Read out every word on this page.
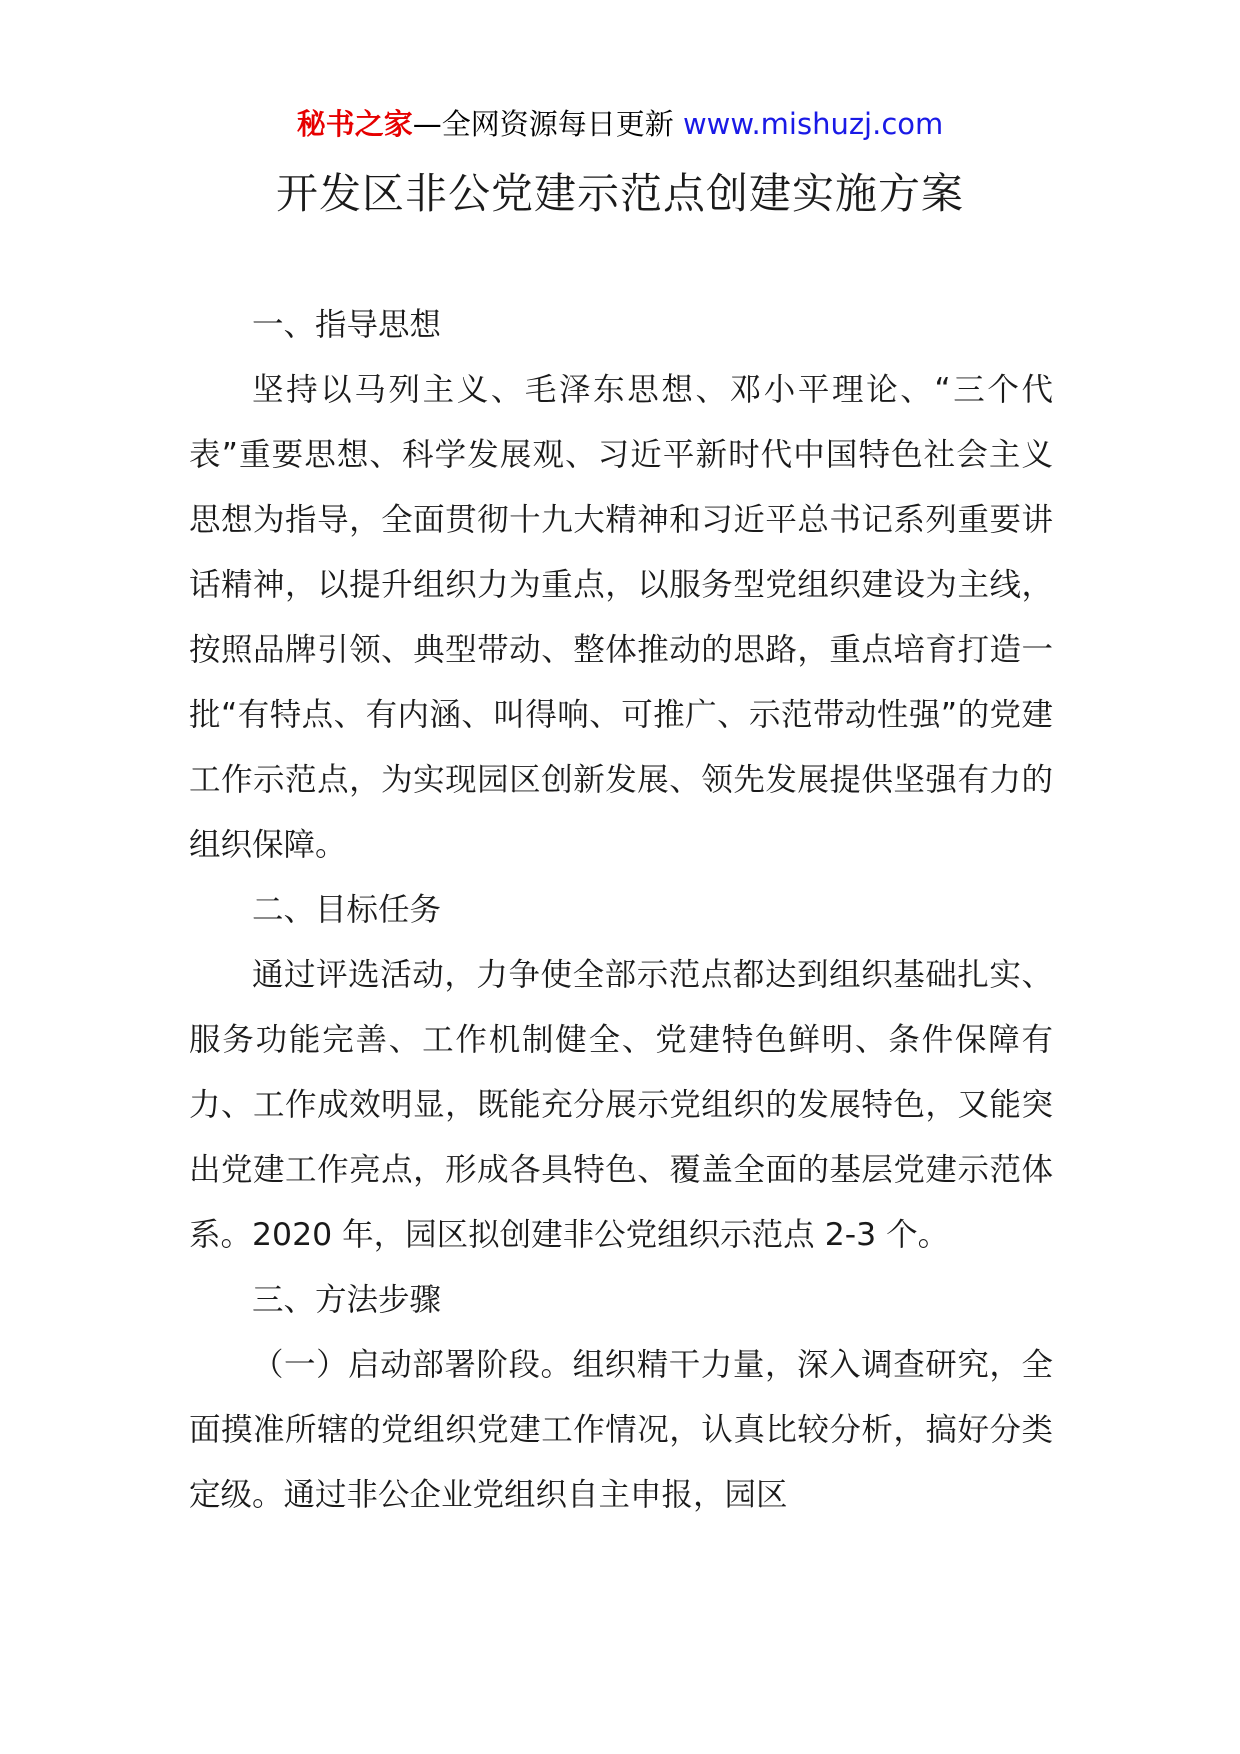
秘书之家—全网资源每日更新 www.mishuzj.com
开发区非公党建示范点创建实施方案

一、指导思想

坚持以马列主义、毛泽东思想、邓小平理论、“三个代表”重要思想、科学发展观、习近平新时代中国特色社会主义思想为指导，全面贯彻十九大精神和习近平总书记系列重要讲话精神，以提升组织力为重点，以服务型党组织建设为主线，按照品牌引领、典型带动、整体推动的思路，重点培育打造一批“有特点、有内涵、叫得响、可推广、示范带动性强”的党建工作示范点，为实现园区创新发展、领先发展提供坚强有力的组织保障。

二、目标任务

通过评选活动，力争使全部示范点都达到组织基础扎实、服务功能完善、工作机制健全、党建特色鲜明、条件保障有力、工作成效明显，既能充分展示党组织的发展特色，又能突出党建工作亮点，形成各具特色、覆盖全面的基层党建示范体系。2020 年，园区拟创建非公党组织示范点 2-3 个。

三、方法步骤

（一）启动部署阶段。组织精干力量，深入调查研究，全面摸准所辖的党组织党建工作情况，认真比较分析，搞好分类定级。通过非公企业党组织自主申报，园区
